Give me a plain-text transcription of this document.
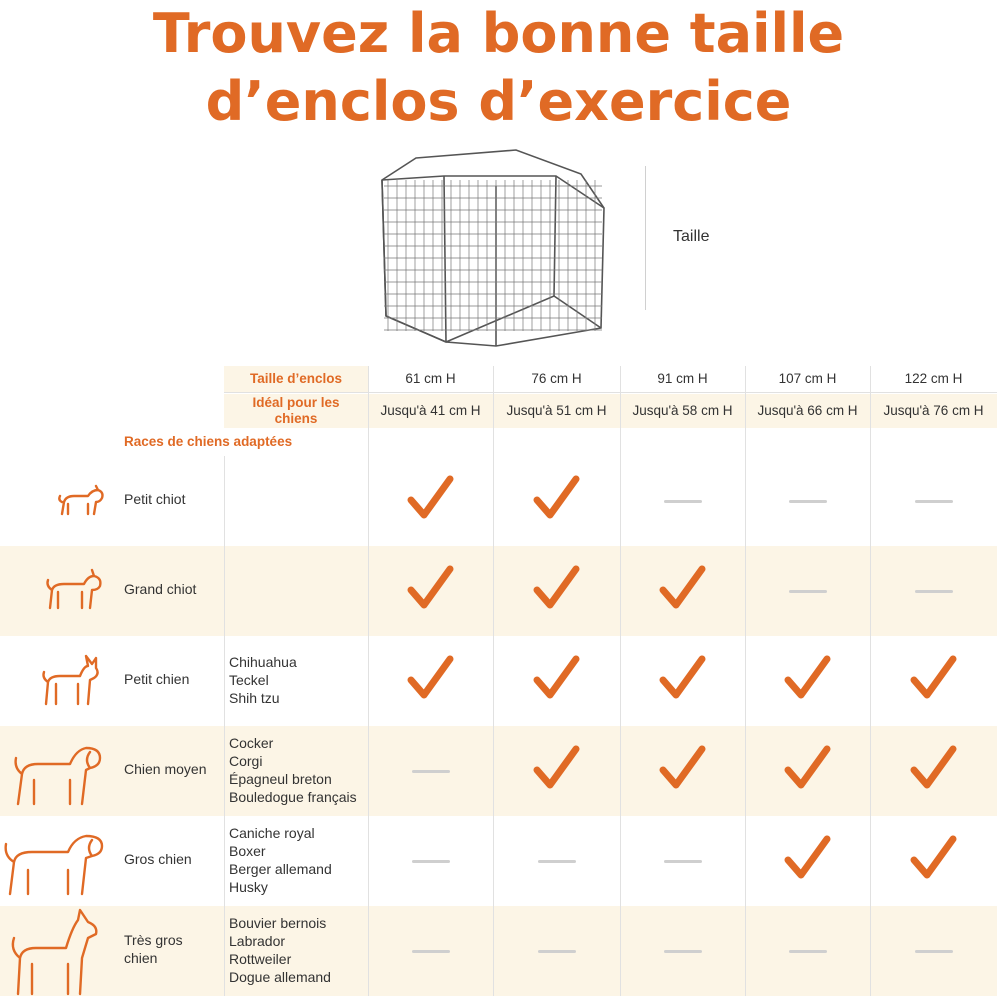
Trouvez la bonne taille
d’enclos d’exercice
Taille
Taille d’enclos
Idéal pour les chiens
61 cm H
Jusqu'à 41 cm H
76 cm H
Jusqu'à 51 cm H
91 cm H
Jusqu'à 58 cm H
107 cm H
Jusqu'à 66 cm H
122 cm H
Jusqu'à 76 cm H
Races de chiens adaptées
Petit chiot
Grand chiot
Petit chien
Chihuahua
Teckel
Shih tzu
Chien moyen
Cocker
Corgi
Épagneul breton
Bouledogue français
Gros chien
Caniche royal
Boxer
Berger allemand
Husky
Très gros chien
Bouvier bernois
Labrador
Rottweiler
Dogue allemand
